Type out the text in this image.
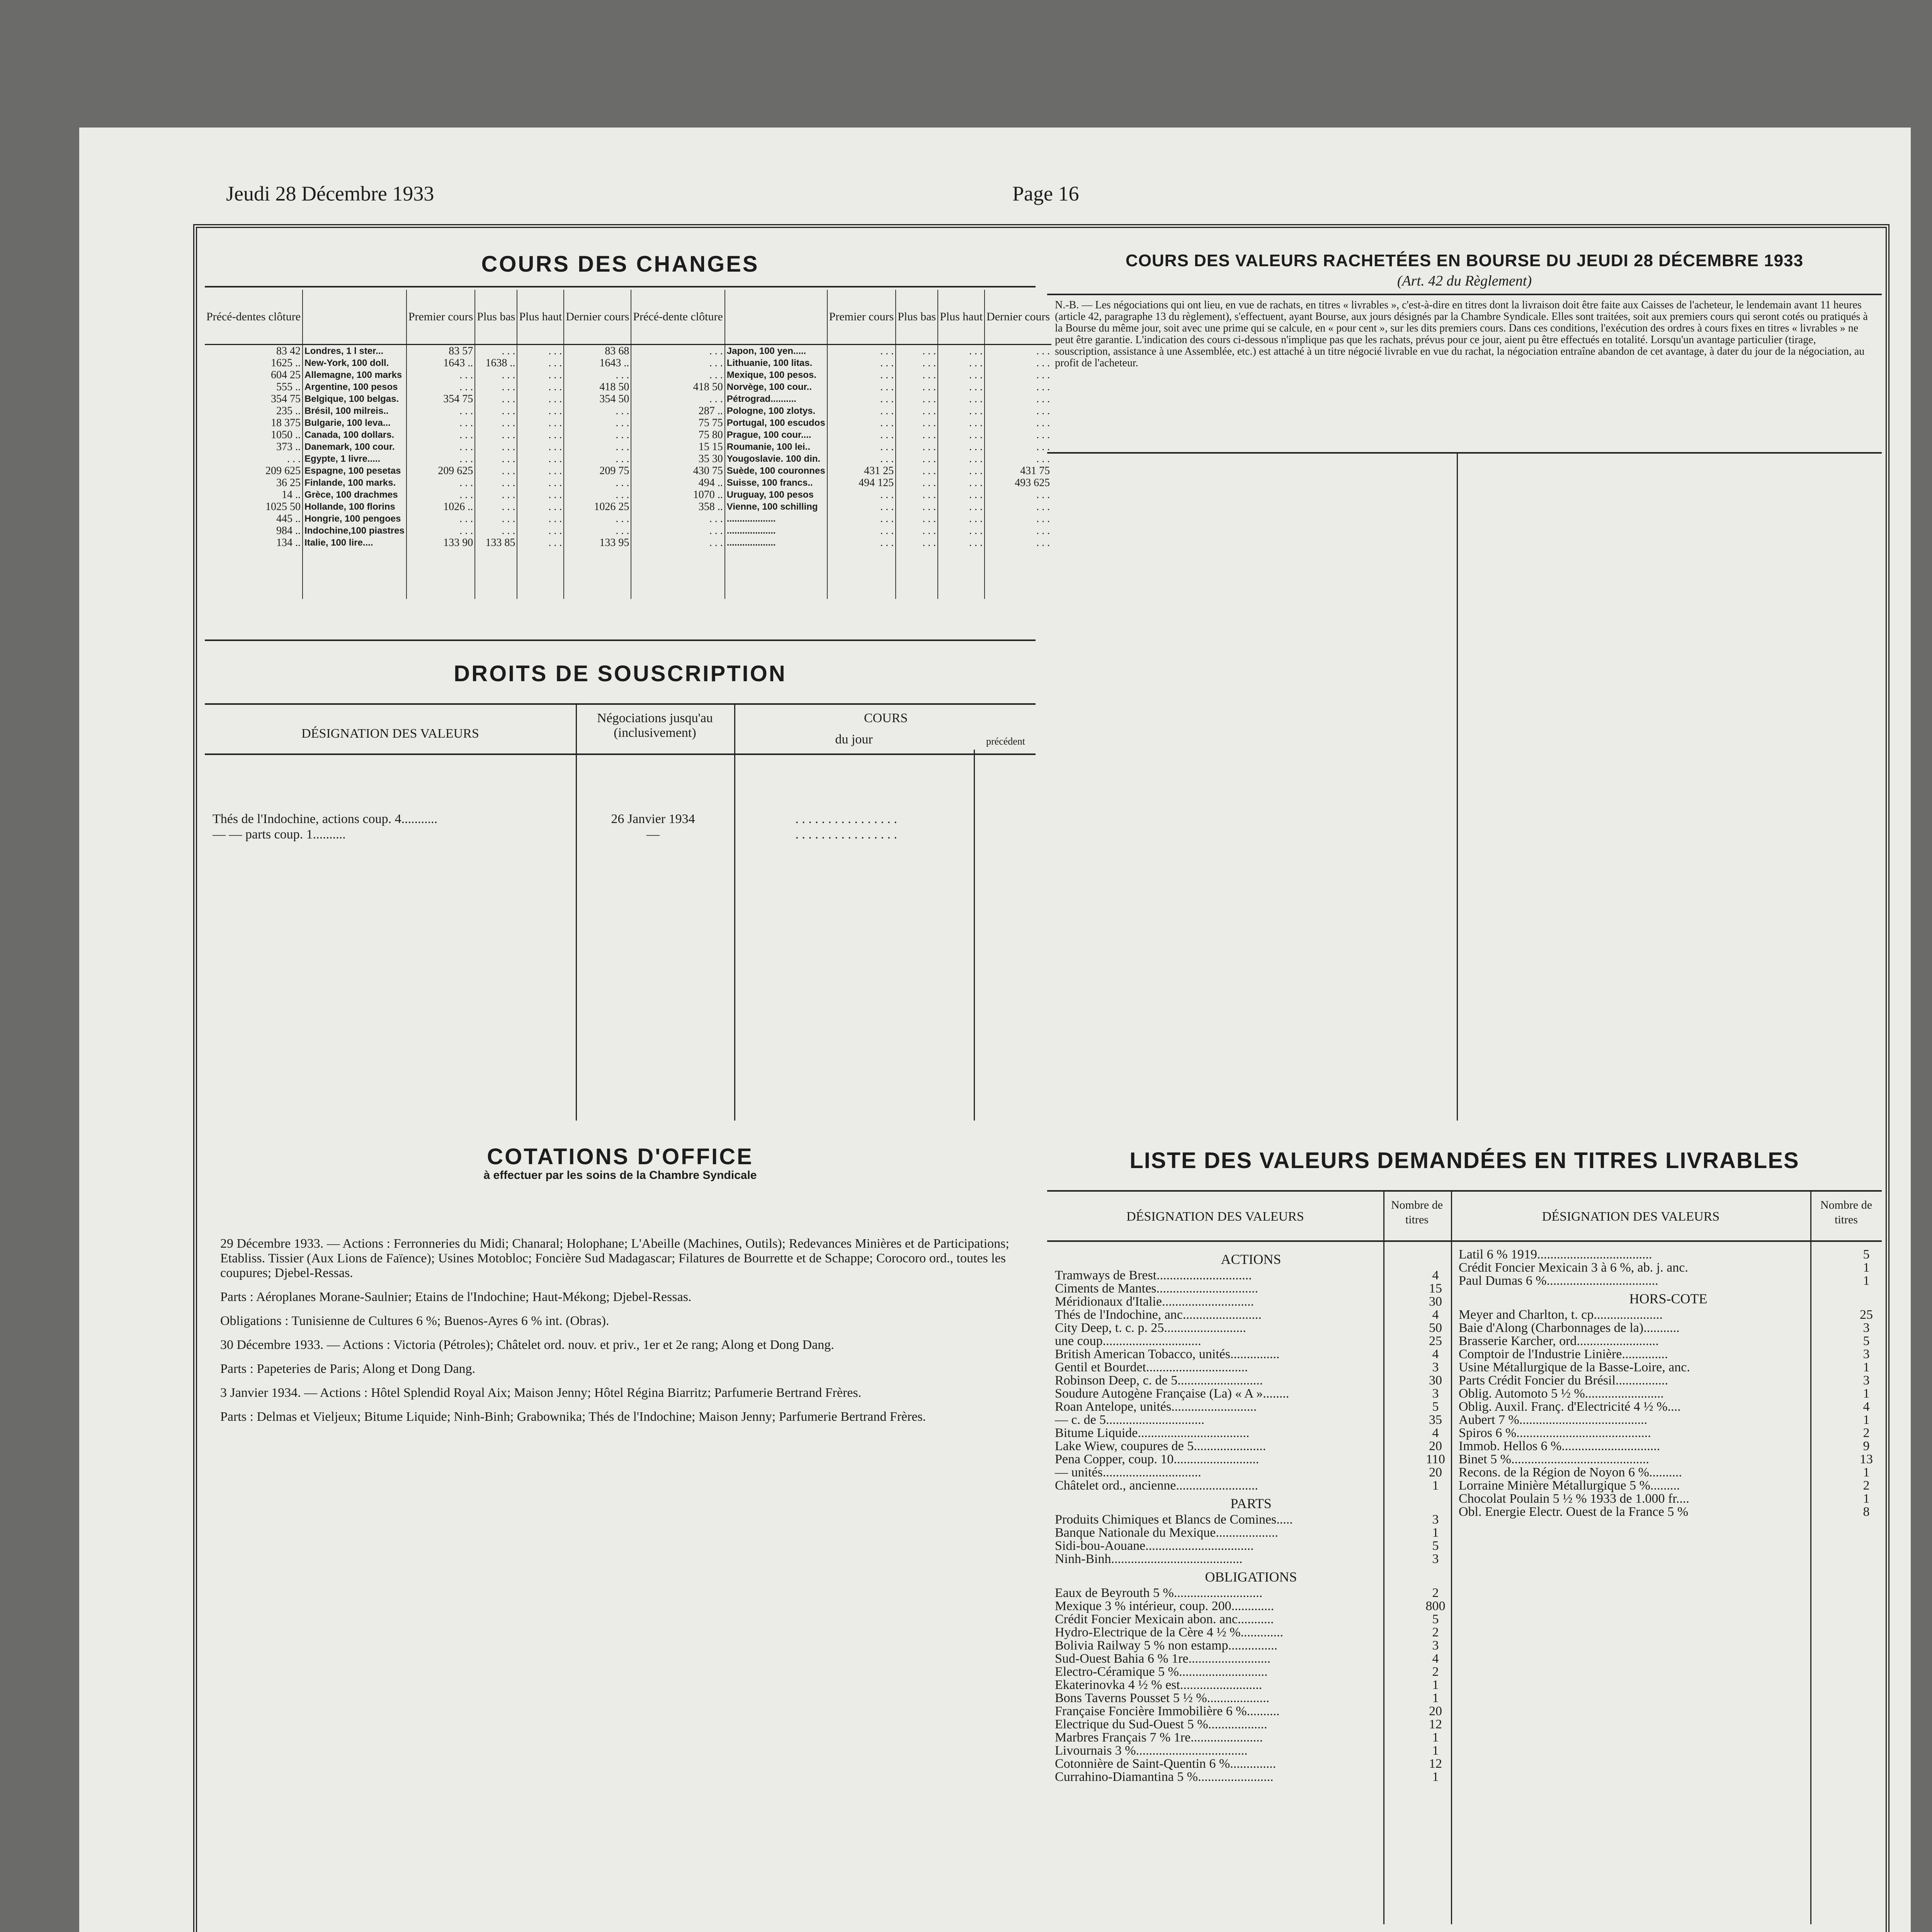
Jeudi 28 Décembre 1933	Page 16
COURS DES CHANGES
Précé-dentes clôture		Premier cours	Plus bas	Plus haut	Dernier cours	Précé-dente clôture		Premier cours	Plus bas	Plus haut	Dernier cours
83 42	Londres, 1 l ster...	83 57	. . .	. . .	83 68	. . .	Japon, 100 yen.....	. . .	. . .	. . .	. . .
1625 ..	New-York, 100 doll.	1643 ..	1638 ..	. . .	1643 ..	. . .	Lithuanie, 100 litas.	. . .	. . .	. . .	. . .
604 25	Allemagne, 100 marks	. . .	. . .	. . .	. . .	. . .	Mexique, 100 pesos.	. . .	. . .	. . .	. . .
555 ..	Argentine, 100 pesos	. . .	. . .	. . .	418 50	418 50	Norvège, 100 cour..	. . .	. . .	. . .	. . .
354 75	Belgique, 100 belgas.	354 75	. . .	. . .	354 50	. . .	Pétrograd..........	. . .	. . .	. . .	. . .
235 ..	Brésil, 100 milreis..	. . .	. . .	. . .	. . .	287 ..	Pologne, 100 zlotys.	. . .	. . .	. . .	. . .
18 375	Bulgarie, 100 leva...	. . .	. . .	. . .	. . .	75 75	Portugal, 100 escudos	. . .	. . .	. . .	. . .
1050 ..	Canada, 100 dollars.	. . .	. . .	. . .	. . .	75 80	Prague, 100 cour....	. . .	. . .	. . .	. . .
373 ..	Danemark, 100 cour.	. . .	. . .	. . .	. . .	15 15	Roumanie, 100 lei..	. . .	. . .	. . .	. . .
. . .	Egypte, 1 livre.....	. . .	. . .	. . .	. . .	35 30	Yougoslavie. 100 din.	. . .	. . .	. . .	. . .
209 625	Espagne, 100 pesetas	209 625	. . .	. . .	209 75	430 75	Suède, 100 couronnes	431 25	. . .	. . .	431 75
36 25	Finlande, 100 marks.	. . .	. . .	. . .	. . .	494 ..	Suisse, 100 francs..	494 125	. . .	. . .	493 625
14 ..	Grèce, 100 drachmes	. . .	. . .	. . .	. . .	1070 ..	Uruguay, 100 pesos	. . .	. . .	. . .	. . .
1025 50	Hollande, 100 florins	1026 ..	. . .	. . .	1026 25	358 ..	Vienne, 100 schilling	. . .	. . .	. . .	. . .
445 ..	Hongrie, 100 pengoes	. . .	. . .	. . .	. . .	. . .	...................	. . .	. . .	. . .	. . .
984 ..	Indochine,100 piastres	. . .	. . .	. . .	. . .	. . .	...................	. . .	. . .	. . .	. . .
134 ..	Italie, 100 lire....	133 90	133 85	. . .	133 95	. . .	...................	. . .	. . .	. . .	. . .

DROITS DE SOUSCRIPTION
DÉSIGNATION DES VALEURS
Négociations jusqu'au (inclusivement)
COURS
du jour	précédent
Thés de l'Indochine, actions coup. 4...........	26 Janvier 1934	. . . . . . . . . . . . . . . .
— — parts coup. 1..........	—	. . . . . . . . . . . . . . . .
COURS DES VALEURS RACHETÉES EN BOURSE DU JEUDI 28 DÉCEMBRE 1933
(Art. 42 du Règlement)
N.-B. — Les négociations qui ont lieu, en vue de rachats, en titres « livrables », c'est-à-dire en titres dont la livraison doit être faite aux Caisses de l'acheteur, le lendemain avant 11 heures (article 42, paragraphe 13 du règlement), s'effectuent, ayant Bourse, aux jours désignés par la Chambre Syndicale. Elles sont traitées, soit aux premiers cours qui seront cotés ou pratiqués à la Bourse du même jour, soit avec une prime qui se calcule, en « pour cent », sur les dits premiers cours. Dans ces conditions, l'exécution des ordres à cours fixes en titres « livrables » ne peut être garantie. L'indication des cours ci-dessous n'implique pas que les rachats, prévus pour ce jour, aient pu être effectués en totalité. Lorsqu'un avantage particulier (tirage, souscription, assistance à une Assemblée, etc.) est attaché à un titre négocié livrable en vue du rachat, la négociation entraîne abandon de cet avantage, à dater du jour de la négociation, au profit de l'acheteur.
COTATIONS D'OFFICE
à effectuer par les soins de la Chambre Syndicale

29 Décembre 1933. — Actions : Ferronneries du Midi; Chanaral; Holophane; L'Abeille (Machines, Outils); Redevances Minières et de Participations; Etabliss. Tissier (Aux Lions de Faïence); Usines Motobloc; Foncière Sud Madagascar; Filatures de Bourrette et de Schappe; Corocoro ord., toutes les coupures; Djebel-Ressas.

Parts : Aéroplanes Morane-Saulnier; Etains de l'Indochine; Haut-Mékong; Djebel-Ressas.

Obligations : Tunisienne de Cultures 6 %; Buenos-Ayres 6 % int. (Obras).

30 Décembre 1933. — Actions : Victoria (Pétroles); Châtelet ord. nouv. et priv., 1er et 2e rang; Along et Dong Dang.

Parts : Papeteries de Paris; Along et Dong Dang.

3 Janvier 1934. — Actions : Hôtel Splendid Royal Aix; Maison Jenny; Hôtel Régina Biarritz; Parfumerie Bertrand Frères.

Parts : Delmas et Vieljeux; Bitume Liquide; Ninh-Binh; Grabownika; Thés de l'Indochine; Maison Jenny; Parfumerie Bertrand Frères.

LISTE DES VALEURS DEMANDÉES EN TITRES LIVRABLES
DÉSIGNATION DES VALEURS
Nombre de titres	DÉSIGNATION DES VALEURS
Nombre de titres
ACTIONS
Tramways de Brest.............................	4
Ciments de Mantes...............................	15
Méridionaux d'Italie............................	30
Thés de l'Indochine, anc........................	4
City Deep, t. c. p. 25.........................	50
une coup..............................	25
British American Tobacco, unités...............	4
Gentil et Bourdet...............................	3
Robinson Deep, c. de 5..........................	30
Soudure Autogène Française (La) « A »........	3
Roan Antelope, unités..........................	5
— c. de 5..............................	35
Bitume Liquide..................................	4
Lake Wiew, coupures de 5......................	20
Pena Copper, coup. 10..........................	110
— unités..............................	20
Châtelet ord., ancienne.........................	1
PARTS
Produits Chimiques et Blancs de Comines.....	3
Banque Nationale du Mexique...................	1
Sidi-bou-Aouane.................................	5
Ninh-Binh........................................	3
OBLIGATIONS
Eaux de Beyrouth 5 %...........................	2
Mexique 3 % intérieur, coup. 200.............	800
Crédit Foncier Mexicain abon. anc...........	5
Hydro-Electrique de la Cère 4 ½ %.............	2
Bolivia Railway 5 % non estamp...............	3
Sud-Ouest Bahia 6 % 1re.........................	4
Electro-Céramique 5 %...........................	2
Ekaterinovka 4 ½ % est.........................	1
Bons Taverns Pousset 5 ½ %...................	1
Française Foncière Immobilière 6 %..........	20
Electrique du Sud-Ouest 5 %..................	12
Marbres Français 7 % 1re......................	1
Livournais 3 %..................................	1
Cotonnière de Saint-Quentin 6 %..............	12
Currahino-Diamantina 5 %.......................	1
Latil 6 % 1919...................................	5
Crédit Foncier Mexicain 3 à 6 %, ab. j. anc.	1
Paul Dumas 6 %..................................	1
HORS-COTE
Meyer and Charlton, t. cp.....................	25
Baie d'Along (Charbonnages de la)...........	3
Brasserie Karcher, ord.........................	5
Comptoir de l'Industrie Linière..............	3
Usine Métallurgique de la Basse-Loire, anc.	1
Parts Crédit Foncier du Brésil................	3
Oblig. Automoto 5 ½ %........................	1
Oblig. Auxil. Franç. d'Electricité 4 ½ %....	4
Aubert 7 %.......................................	1
Spiros 6 %.........................................	2
Immob. Hellos 6 %..............................	9
Binet 5 %..........................................	13
Recons. de la Région de Noyon 6 %..........	1
Lorraine Minière Métallurgique 5 %.........	2
Chocolat Poulain 5 ½ % 1933 de 1.000 fr....	1
Obl. Energie Electr. Ouest de la France 5 %	8
